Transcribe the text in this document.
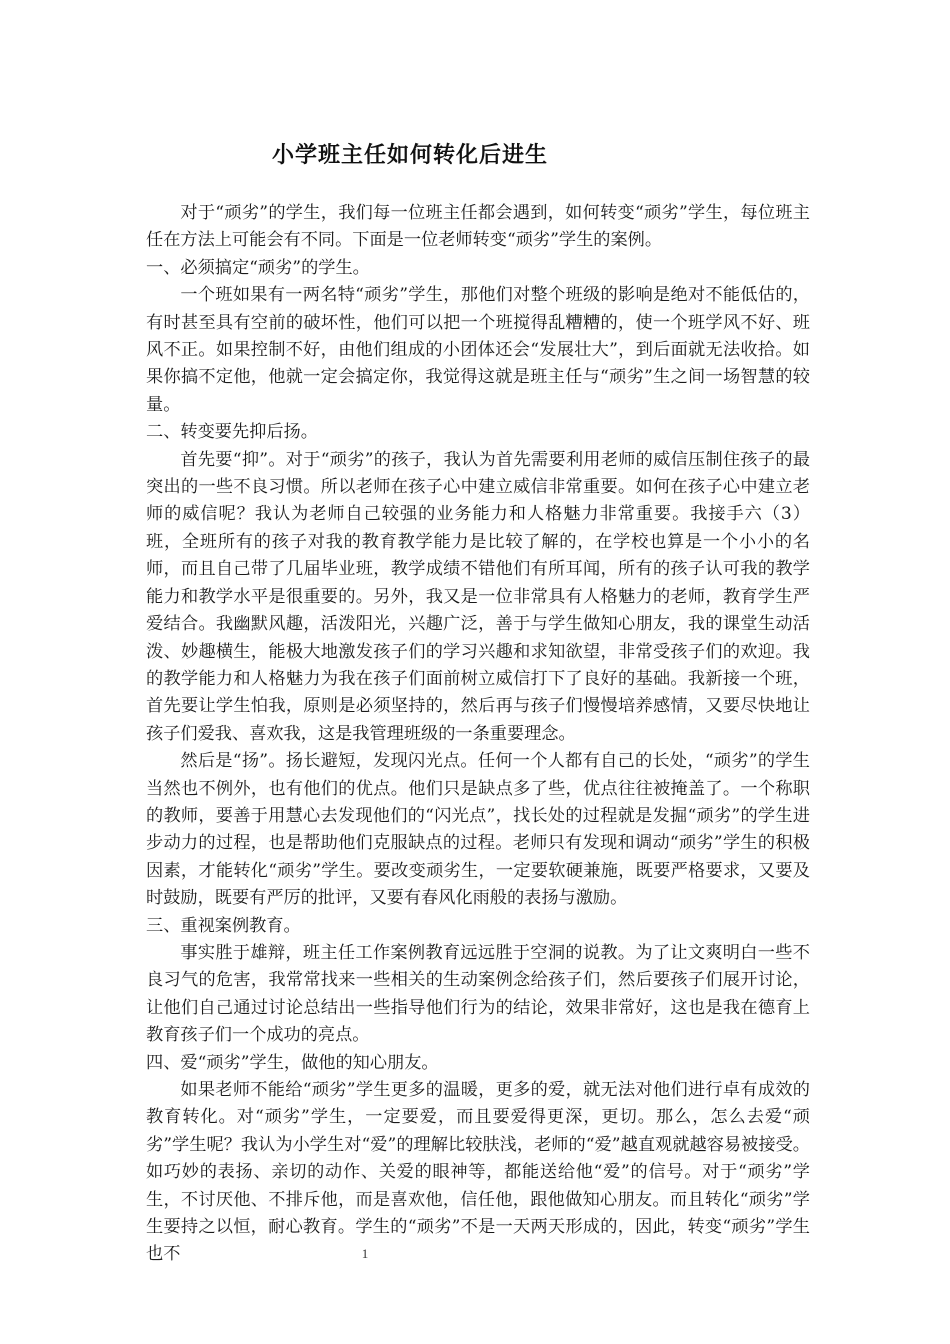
小学班主任如何转化后进生

对于“顽劣”的学生，我们每一位班主任都会遇到，如何转变“顽劣”学生，每位班主任在方法上可能会有不同。下面是一位老师转变“顽劣”学生的案例。

一、必须搞定“顽劣”的学生。

一个班如果有一两名特“顽劣”学生，那他们对整个班级的影响是绝对不能低估的，有时甚至具有空前的破坏性，他们可以把一个班搅得乱糟糟的，使一个班学风不好、班风不正。如果控制不好，由他们组成的小团体还会“发展壮大”，到后面就无法收拾。如果你搞不定他，他就一定会搞定你，我觉得这就是班主任与“顽劣”生之间一场智慧的较量。

二、转变要先抑后扬。

首先要“抑”。对于“顽劣”的孩子，我认为首先需要利用老师的威信压制住孩子的最突出的一些不良习惯。所以老师在孩子心中建立威信非常重要。如何在孩子心中建立老师的威信呢？我认为老师自己较强的业务能力和人格魅力非常重要。我接手六（3）班，全班所有的孩子对我的教育教学能力是比较了解的，在学校也算是一个小小的名师，而且自己带了几届毕业班，教学成绩不错他们有所耳闻，所有的孩子认可我的教学能力和教学水平是很重要的。另外，我又是一位非常具有人格魅力的老师，教育学生严爱结合。我幽默风趣，活泼阳光，兴趣广泛，善于与学生做知心朋友，我的课堂生动活泼、妙趣横生，能极大地激发孩子们的学习兴趣和求知欲望，非常受孩子们的欢迎。我的教学能力和人格魅力为我在孩子们面前树立威信打下了良好的基础。我新接一个班，首先要让学生怕我，原则是必须坚持的，然后再与孩子们慢慢培养感情，又要尽快地让孩子们爱我、喜欢我，这是我管理班级的一条重要理念。

然后是“扬”。扬长避短，发现闪光点。任何一个人都有自己的长处，“顽劣”的学生当然也不例外，也有他们的优点。他们只是缺点多了些，优点往往被掩盖了。一个称职的教师，要善于用慧心去发现他们的“闪光点”，找长处的过程就是发掘“顽劣”的学生进步动力的过程，也是帮助他们克服缺点的过程。老师只有发现和调动“顽劣”学生的积极因素，才能转化“顽劣”学生。要改变顽劣生，一定要软硬兼施，既要严格要求，又要及时鼓励，既要有严厉的批评，又要有春风化雨般的表扬与激励。

三、重视案例教育。

事实胜于雄辩，班主任工作案例教育远远胜于空洞的说教。为了让文爽明白一些不良习气的危害，我常常找来一些相关的生动案例念给孩子们，然后要孩子们展开讨论，让他们自己通过讨论总结出一些指导他们行为的结论，效果非常好，这也是我在德育上教育孩子们一个成功的亮点。

四、爱“顽劣”学生，做他的知心朋友。

如果老师不能给“顽劣”学生更多的温暖，更多的爱，就无法对他们进行卓有成效的教育转化。对“顽劣”学生，一定要爱，而且要爱得更深，更切。那么，怎么去爱“顽劣”学生呢？我认为小学生对“爱”的理解比较肤浅，老师的“爱”越直观就越容易被接受。如巧妙的表扬、亲切的动作、关爱的眼神等，都能送给他“爱”的信号。对于“顽劣”学生，不讨厌他、不排斥他，而是喜欢他，信任他，跟他做知心朋友。而且转化“顽劣”学生要持之以恒，耐心教育。学生的“顽劣”不是一天两天形成的，因此，转变“顽劣”学生也不	1
